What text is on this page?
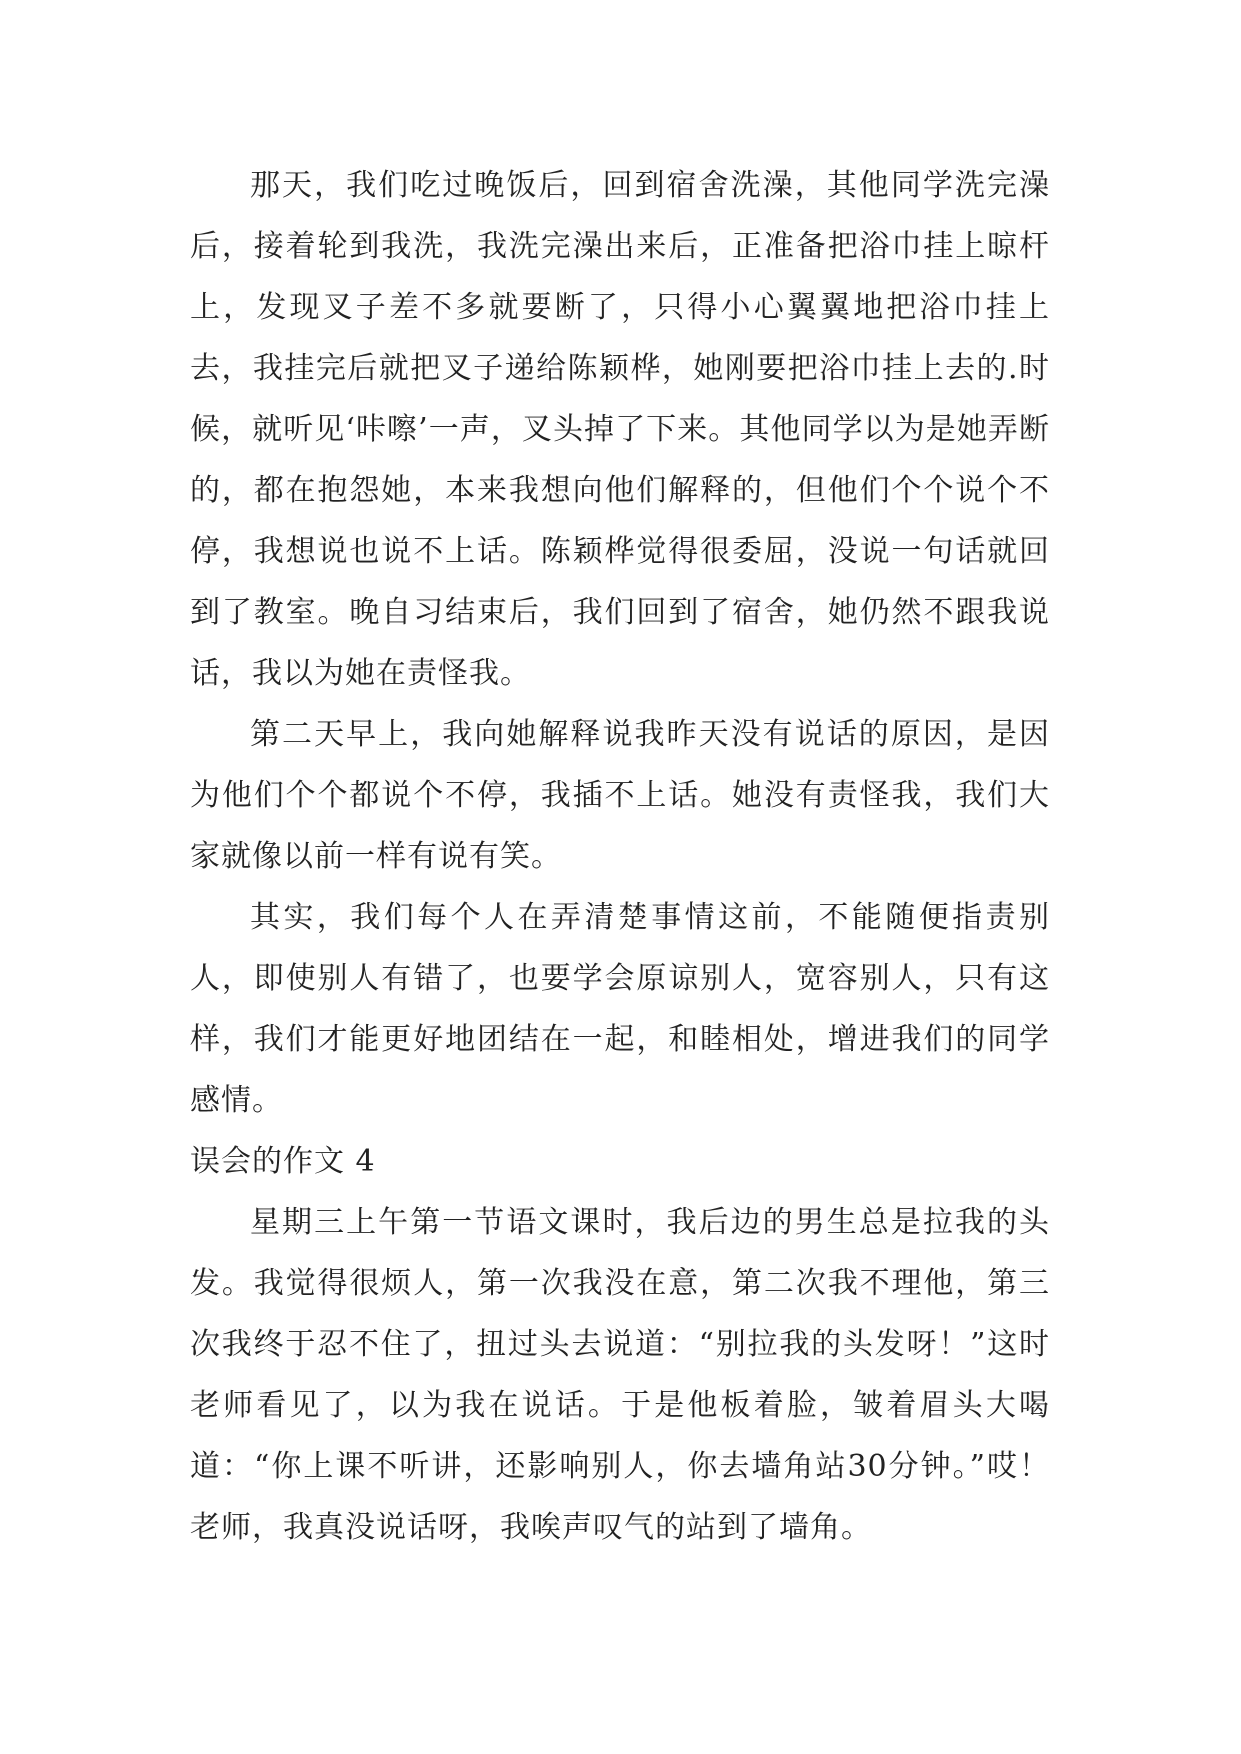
那天，我们吃过晚饭后，回到宿舍洗澡，其他同学洗完澡后，接着轮到我洗，我洗完澡出来后，正准备把浴巾挂上晾杆上，发现叉子差不多就要断了，只得小心翼翼地把浴巾挂上去，我挂完后就把叉子递给陈颖桦，她刚要把浴巾挂上去的.时候，就听见‘咔嚓’一声，叉头掉了下来。其他同学以为是她弄断的，都在抱怨她，本来我想向他们解释的，但他们个个说个不停，我想说也说不上话。陈颖桦觉得很委屈，没说一句话就回到了教室。晚自习结束后，我们回到了宿舍，她仍然不跟我说话，我以为她在责怪我。

第二天早上，我向她解释说我昨天没有说话的原因，是因为他们个个都说个不停，我插不上话。她没有责怪我，我们大家就像以前一样有说有笑。

其实，我们每个人在弄清楚事情这前，不能随便指责别人，即使别人有错了，也要学会原谅别人，宽容别人，只有这样，我们才能更好地团结在一起，和睦相处，增进我们的同学感情。

误会的作文 4

星期三上午第一节语文课时，我后边的男生总是拉我的头发。我觉得很烦人，第一次我没在意，第二次我不理他，第三次我终于忍不住了，扭过头去说道：“别拉我的头发呀！”这时老师看见了，以为我在说话。于是他板着脸，皱着眉头大喝道：“你上课不听讲，还影响别人，你去墙角站30分钟。”哎！老师，我真没说话呀，我唉声叹气的站到了墙角。
